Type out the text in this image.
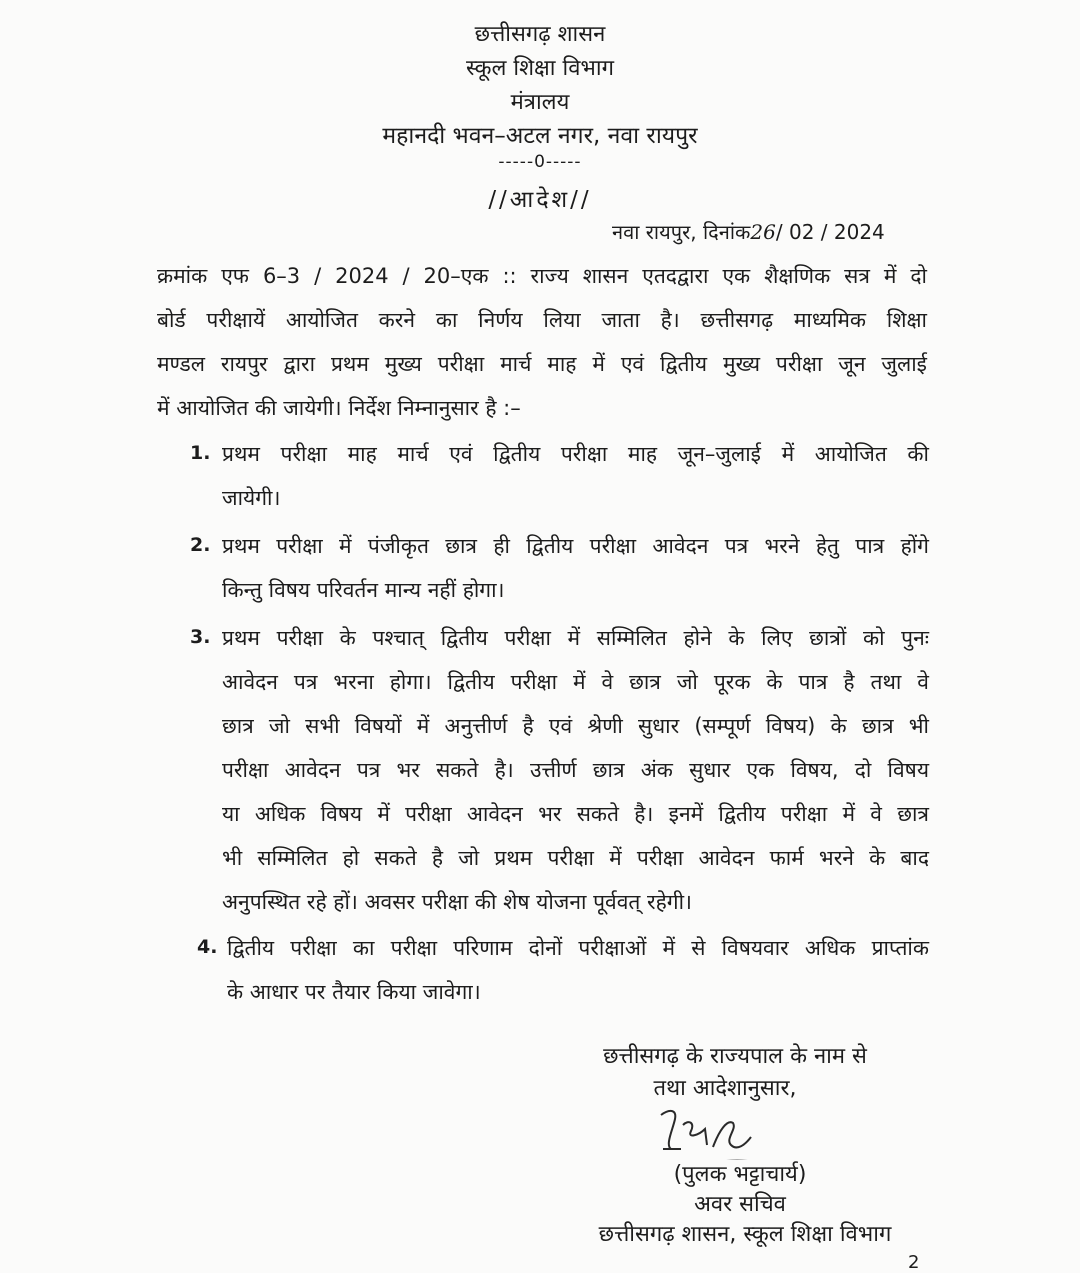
छत्तीसगढ़ शासन
स्कूल शिक्षा विभाग
मंत्रालय
महानदी भवन–अटल नगर, नवा रायपुर
-----0-----
//आदेश//
नवा रायपुर, दिनांक26/ 02 / 2024
क्रमांक एफ 6–3 / 2024 / 20–एक :: राज्य शासन एतदद्वारा एक शैक्षणिक सत्र में दो
बोर्ड परीक्षायें आयोजित करने का निर्णय लिया जाता है। छत्तीसगढ़ माध्यमिक शिक्षा
मण्डल रायपुर द्वारा प्रथम मुख्य परीक्षा मार्च माह में एवं द्वितीय मुख्य परीक्षा जून जुलाई
में आयोजित की जायेगी। निर्देश निम्नानुसार है :–
1. प्रथम परीक्षा माह मार्च एवं द्वितीय परीक्षा माह जून–जुलाई में आयोजित की
जायेगी।
2. प्रथम परीक्षा में पंजीकृत छात्र ही द्वितीय परीक्षा आवेदन पत्र भरने हेतु पात्र होंगे
किन्तु विषय परिवर्तन मान्य नहीं होगा।
3. प्रथम परीक्षा के पश्चात् द्वितीय परीक्षा में सम्मिलित होने के लिए छात्रों को पुनः
आवेदन पत्र भरना होगा। द्वितीय परीक्षा में वे छात्र जो पूरक के पात्र है तथा वे
छात्र जो सभी विषयों में अनुत्तीर्ण है एवं श्रेणी सुधार (सम्पूर्ण विषय) के छात्र भी
परीक्षा आवेदन पत्र भर सकते है। उत्तीर्ण छात्र अंक सुधार एक विषय, दो विषय
या अधिक विषय में परीक्षा आवेदन भर सकते है। इनमें द्वितीय परीक्षा में वे छात्र
भी सम्मिलित हो सकते है जो प्रथम परीक्षा में परीक्षा आवेदन फार्म भरने के बाद
अनुपस्थित रहे हों। अवसर परीक्षा की शेष योजना पूर्ववत् रहेगी।
4. द्वितीय परीक्षा का परीक्षा परिणाम दोनों परीक्षाओं में से विषयवार अधिक प्राप्तांक
के आधार पर तैयार किया जावेगा।
छत्तीसगढ़ के राज्यपाल के नाम से
तथा आदेशानुसार,
(पुलक भट्टाचार्य)
अवर सचिव
छत्तीसगढ़ शासन, स्कूल शिक्षा विभाग
2
